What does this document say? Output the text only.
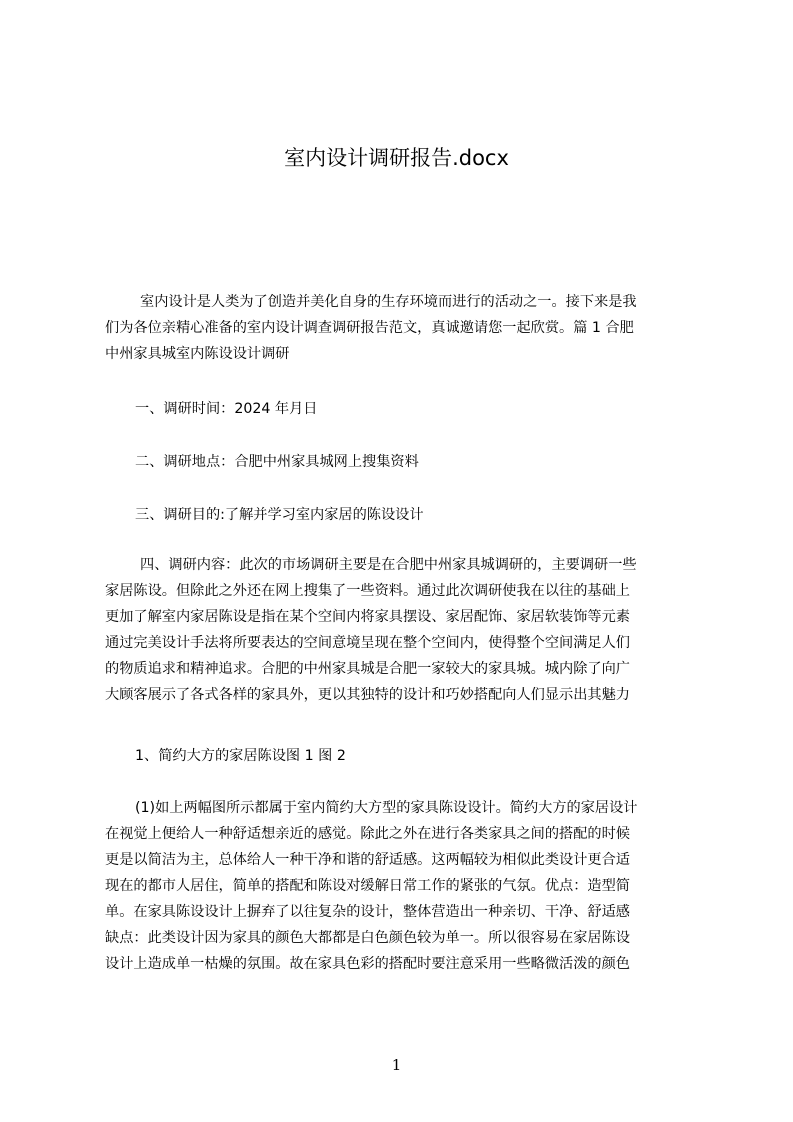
室内设计调研报告.docx
室内设计是人类为了创造并美化自身的生存环境而进行的活动之一。接下来是我
们为各位亲精心准备的室内设计调查调研报告范文，真诚邀请您一起欣赏。篇 1 合肥
中州家具城室内陈设设计调研
一、调研时间：2024 年月日
二、调研地点：合肥中州家具城网上搜集资料
三、调研目的:了解并学习室内家居的陈设设计
四、调研内容：此次的市场调研主要是在合肥中州家具城调研的，主要调研一些
家居陈设。但除此之外还在网上搜集了一些资料。通过此次调研使我在以往的基础上
更加了解室内家居陈设是指在某个空间内将家具摆设、家居配饰、家居软装饰等元素
通过完美设计手法将所要表达的空间意境呈现在整个空间内，使得整个空间满足人们
的物质追求和精神追求。合肥的中州家具城是合肥一家较大的家具城。城内除了向广
大顾客展示了各式各样的家具外，更以其独特的设计和巧妙搭配向人们显示出其魅力
1、简约大方的家居陈设图 1 图 2
(1)如上两幅图所示都属于室内简约大方型的家具陈设设计。简约大方的家居设计
在视觉上便给人一种舒适想亲近的感觉。除此之外在进行各类家具之间的搭配的时候
更是以简洁为主，总体给人一种干净和谐的舒适感。这两幅较为相似此类设计更合适
现在的都市人居住，简单的搭配和陈设对缓解日常工作的紧张的气氛。优点：造型简
单。在家具陈设设计上摒弃了以往复杂的设计，整体营造出一种亲切、干净、舒适感
缺点：此类设计因为家具的颜色大都都是白色颜色较为单一。所以很容易在家居陈设
设计上造成单一枯燥的氛围。故在家具色彩的搭配时要注意采用一些略微活泼的颜色
1
